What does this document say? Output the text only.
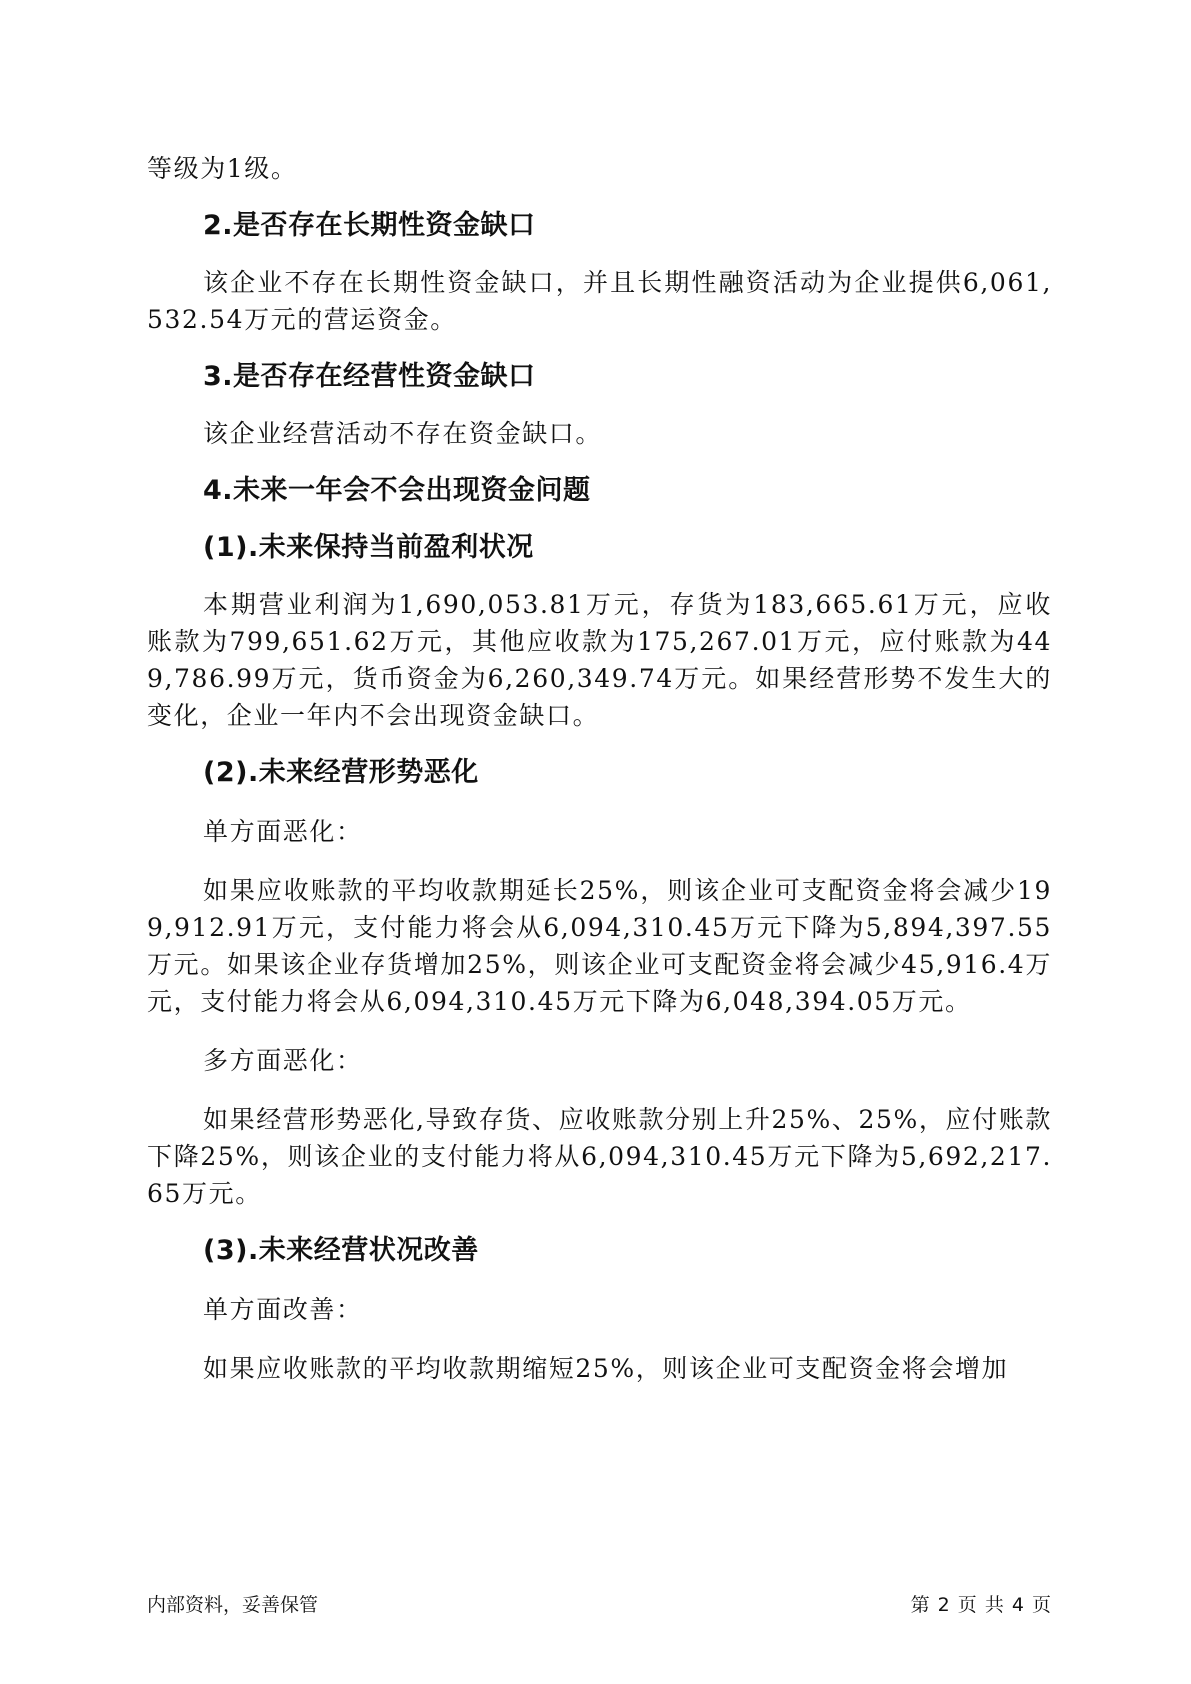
等级为1级。

2.是否存在长期性资金缺口

该企业不存在长期性资金缺口，并且长期性融资活动为企业提供6,061,532.54万元的营运资金。

3.是否存在经营性资金缺口

该企业经营活动不存在资金缺口。

4.未来一年会不会出现资金问题
(1).未来保持当前盈利状况

本期营业利润为1,690,053.81万元，存货为183,665.61万元，应收账款为799,651.62万元，其他应收款为175,267.01万元，应付账款为449,786.99万元，货币资金为6,260,349.74万元。如果经营形势不发生大的变化，企业一年内不会出现资金缺口。

(2).未来经营形势恶化

单方面恶化：

如果应收账款的平均收款期延长25%，则该企业可支配资金将会减少199,912.91万元，支付能力将会从6,094,310.45万元下降为5,894,397.55万元。如果该企业存货增加25%，则该企业可支配资金将会减少45,916.4万元，支付能力将会从6,094,310.45万元下降为6,048,394.05万元。

多方面恶化：

如果经营形势恶化,导致存货、应收账款分别上升25%、25%，应付账款下降25%，则该企业的支付能力将从6,094,310.45万元下降为5,692,217.65万元。

(3).未来经营状况改善

单方面改善：

如果应收账款的平均收款期缩短25%，则该企业可支配资金将会增加

内部资料，妥善保管	第 2 页 共 4 页
